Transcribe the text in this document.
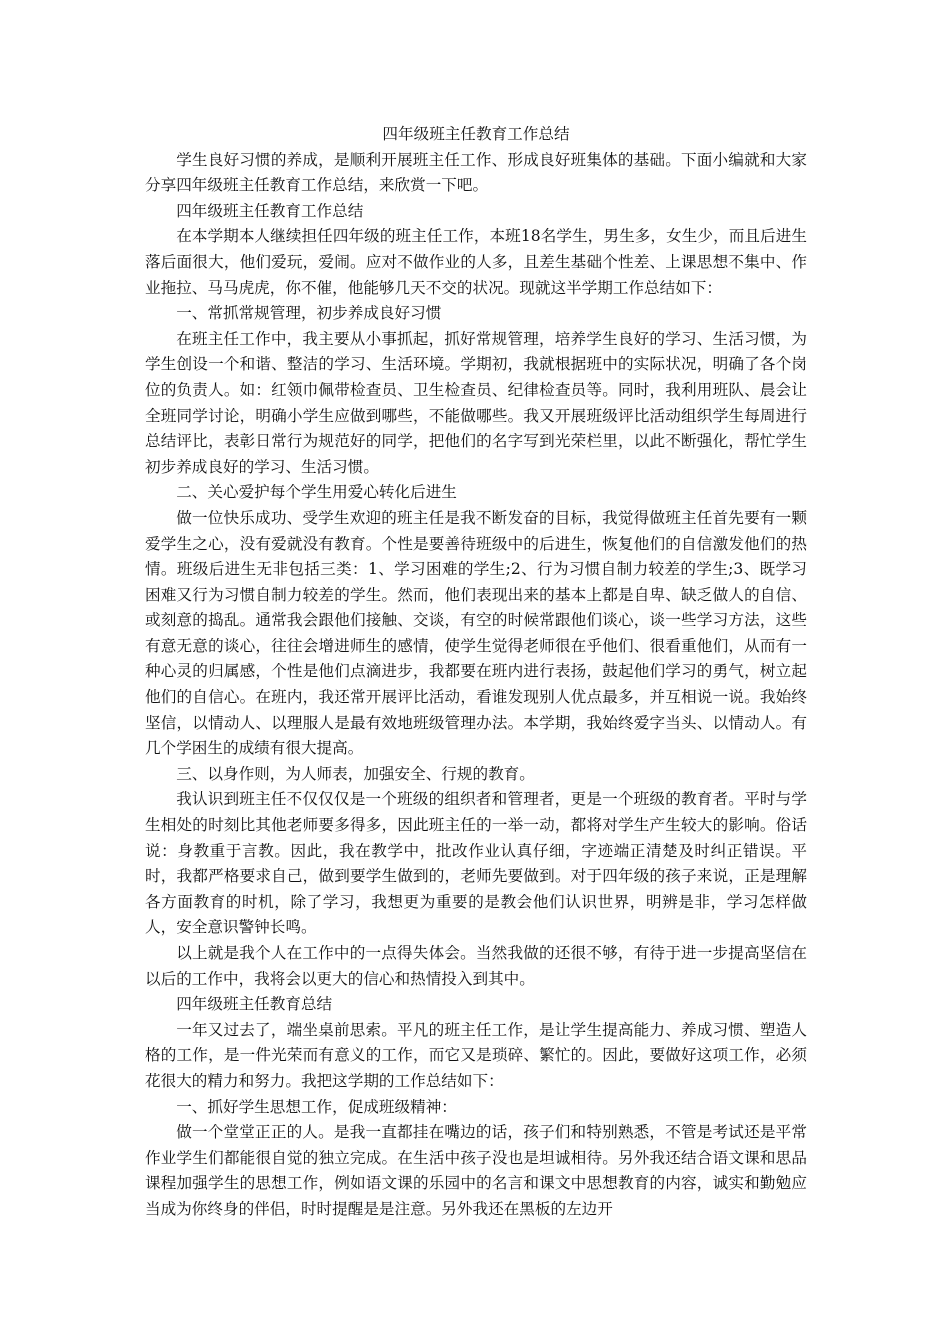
四年级班主任教育工作总结

学生良好习惯的养成，是顺利开展班主任工作、形成良好班集体的基础。下面小编就和大家分享四年级班主任教育工作总结，来欣赏一下吧。

四年级班主任教育工作总结

在本学期本人继续担任四年级的班主任工作，本班18名学生，男生多，女生少，而且后进生落后面很大，他们爱玩，爱闹。应对不做作业的人多，且差生基础个性差、上课思想不集中、作业拖拉、马马虎虎，你不催，他能够几天不交的状况。现就这半学期工作总结如下：

一、常抓常规管理，初步养成良好习惯

在班主任工作中，我主要从小事抓起，抓好常规管理，培养学生良好的学习、生活习惯，为学生创设一个和谐、整洁的学习、生活环境。学期初，我就根据班中的实际状况，明确了各个岗位的负责人。如：红领巾佩带检查员、卫生检查员、纪律检查员等。同时，我利用班队、晨会让全班同学讨论，明确小学生应做到哪些，不能做哪些。我又开展班级评比活动组织学生每周进行总结评比，表彰日常行为规范好的同学，把他们的名字写到光荣栏里，以此不断强化，帮忙学生初步养成良好的学习、生活习惯。

二、关心爱护每个学生用爱心转化后进生

做一位快乐成功、受学生欢迎的班主任是我不断发奋的目标，我觉得做班主任首先要有一颗爱学生之心，没有爱就没有教育。个性是要善待班级中的后进生，恢复他们的自信激发他们的热情。班级后进生无非包括三类：1、学习困难的学生;2、行为习惯自制力较差的学生;3、既学习困难又行为习惯自制力较差的学生。然而，他们表现出来的基本上都是自卑、缺乏做人的自信、或刻意的捣乱。通常我会跟他们接触、交谈，有空的时候常跟他们谈心，谈一些学习方法，这些有意无意的谈心，往往会增进师生的感情，使学生觉得老师很在乎他们、很看重他们，从而有一种心灵的归属感，个性是他们点滴进步，我都要在班内进行表扬，鼓起他们学习的勇气，树立起他们的自信心。在班内，我还常开展评比活动，看谁发现别人优点最多，并互相说一说。我始终坚信，以情动人、以理服人是最有效地班级管理办法。本学期，我始终爱字当头、以情动人。有几个学困生的成绩有很大提高。

三、以身作则，为人师表，加强安全、行规的教育。

我认识到班主任不仅仅仅是一个班级的组织者和管理者，更是一个班级的教育者。平时与学生相处的时刻比其他老师要多得多，因此班主任的一举一动，都将对学生产生较大的影响。俗话说：身教重于言教。因此，我在教学中，批改作业认真仔细，字迹端正清楚及时纠正错误。平时，我都严格要求自己，做到要学生做到的，老师先要做到。对于四年级的孩子来说，正是理解各方面教育的时机，除了学习，我想更为重要的是教会他们认识世界，明辨是非，学习怎样做人，安全意识警钟长鸣。

以上就是我个人在工作中的一点得失体会。当然我做的还很不够，有待于进一步提高坚信在以后的工作中，我将会以更大的信心和热情投入到其中。

四年级班主任教育总结

一年又过去了，端坐桌前思索。平凡的班主任工作，是让学生提高能力、养成习惯、塑造人格的工作，是一件光荣而有意义的工作，而它又是琐碎、繁忙的。因此，要做好这项工作，必须花很大的精力和努力。我把这学期的工作总结如下：

一、抓好学生思想工作，促成班级精神：

做一个堂堂正正的人。是我一直都挂在嘴边的话，孩子们和特别熟悉，不管是考试还是平常作业学生们都能很自觉的独立完成。在生活中孩子没也是坦诚相待。另外我还结合语文课和思品课程加强学生的思想工作，例如语文课的乐园中的名言和课文中思想教育的内容，诚实和勤勉应当成为你终身的伴侣，时时提醒是是注意。另外我还在黑板的左边开
